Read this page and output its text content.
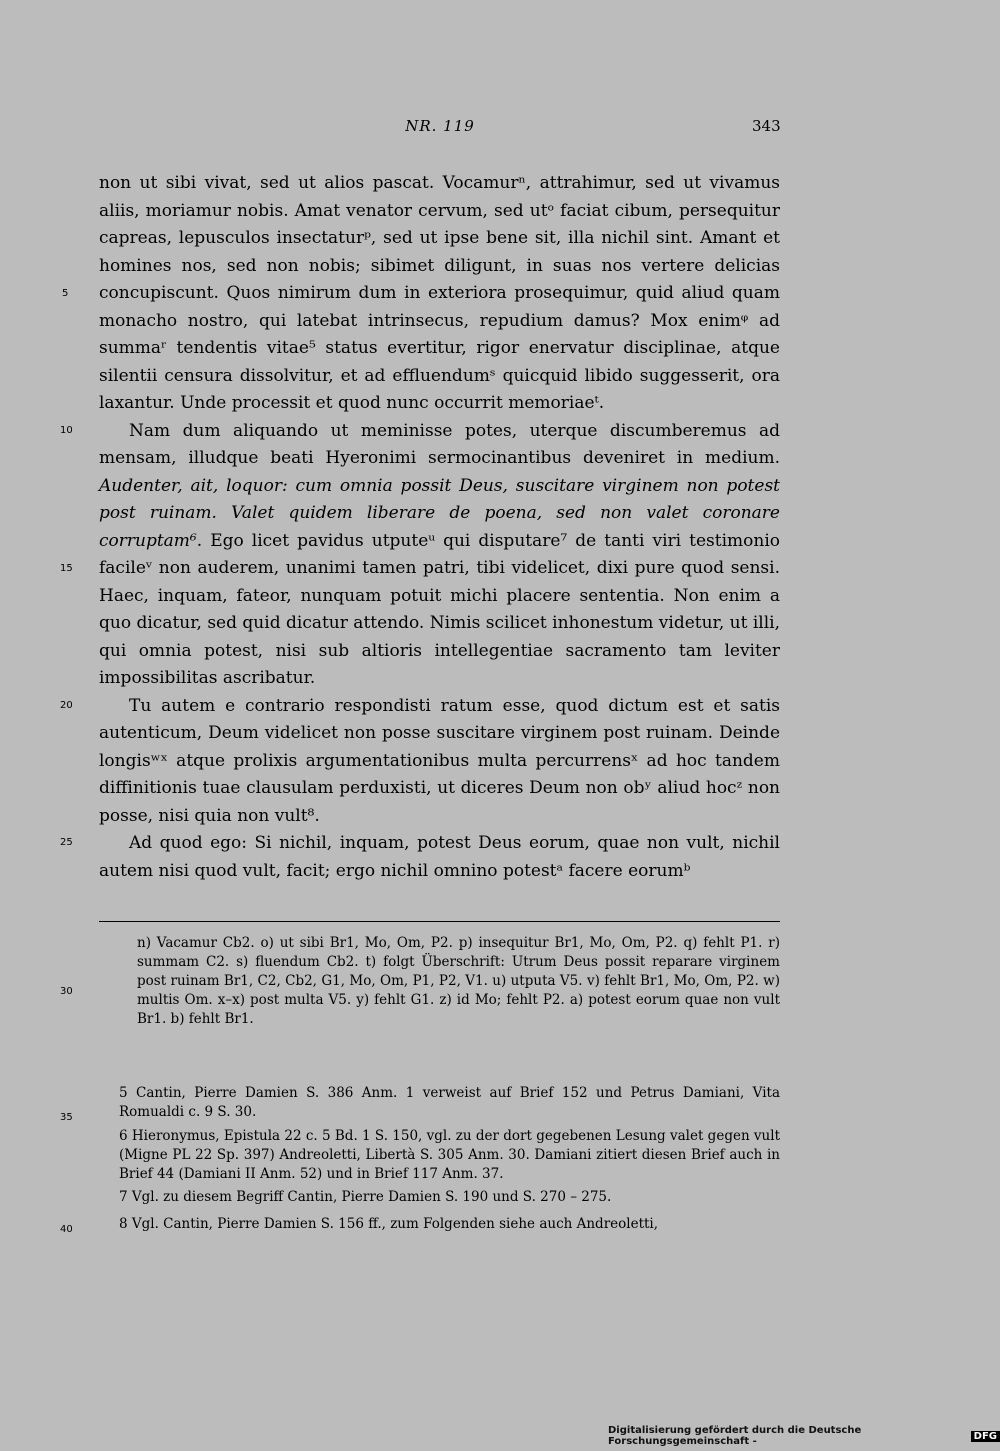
NR. 119	343

non ut sibi vivat, sed ut alios pascat. Vocamurⁿ, attrahimur, sed ut vivamus aliis, moriamur nobis. Amat venator cervum, sed utᵒ faciat cibum, persequitur capreas, lepusculos insectaturᵖ, sed ut ipse bene sit, illa nichil sint. Amant et homines nos, sed non nobis; sibimet diligunt, in suas nos vertere delicias concupiscunt. Quos nimirum dum in exteriora prosequimur, quid aliud quam monacho nostro, qui latebat intrinsecus, repudium damus? Mox enimᵠ ad summaʳ tendentis vitae⁵ status evertitur, rigor enervatur disciplinae, atque silentii censura dissolvitur, et ad effluendumˢ quicquid libido suggesserit, ora laxantur. Unde processit et quod nunc occurrit memoriaeᵗ.

Nam dum aliquando ut meminisse potes, uterque discumberemus ad mensam, illudque beati Hyeronimi sermocinantibus deveniret in medium. Audenter, ait, loquor: cum omnia possit Deus, suscitare virginem non potest post ruinam. Valet quidem liberare de poena, sed non valet coronare corruptam⁶. Ego licet pavidus utputeᵘ qui disputare⁷ de tanti viri testimonio facileᵛ non auderem, unanimi tamen patri, tibi videlicet, dixi pure quod sensi. Haec, inquam, fateor, nunquam potuit michi placere sententia. Non enim a quo dicatur, sed quid dicatur attendo. Nimis scilicet inhonestum videtur, ut illi, qui omnia potest, nisi sub altioris intellegentiae sacramento tam leviter impossibilitas ascribatur.

Tu autem e contrario respondisti ratum esse, quod dictum est et satis autenticum, Deum videlicet non posse suscitare virginem post ruinam. Deinde longisʷˣ atque prolixis argumentationibus multa percurrensˣ ad hoc tandem diffinitionis tuae clausulam perduxisti, ut diceres Deum non obʸ aliud hocᶻ non posse, nisi quia non vult⁸.

Ad quod ego: Si nichil, inquam, potest Deus eorum, quae non vult, nichil autem nisi quod vult, facit; ergo nichil omnino potestᵃ facere eorumᵇ

5
10
15
20
25
30
35
40
n) Vacamur Cb2. o) ut sibi Br1, Mo, Om, P2. p) insequitur Br1, Mo, Om, P2. q) fehlt P1. r) summam C2. s) fluendum Cb2. t) folgt Überschrift: Utrum Deus possit reparare virginem post ruinam Br1, C2, Cb2, G1, Mo, Om, P1, P2, V1. u) utputa V5. v) fehlt Br1, Mo, Om, P2. w) multis Om. x–x) post multa V5. y) fehlt G1. z) id Mo; fehlt P2. a) potest eorum quae non vult Br1. b) fehlt Br1.
5 Cantin, Pierre Damien S. 386 Anm. 1 verweist auf Brief 152 und Petrus Damiani, Vita Romualdi c. 9 S. 30.
6 Hieronymus, Epistula 22 c. 5 Bd. 1 S. 150, vgl. zu der dort gegebenen Lesung valet gegen vult (Migne PL 22 Sp. 397) Andreoletti, Libertà S. 305 Anm. 30. Damiani zitiert diesen Brief auch in Brief 44 (Damiani II Anm. 52) und in Brief 117 Anm. 37.
7 Vgl. zu diesem Begriff Cantin, Pierre Damien S. 190 und S. 270 – 275.
8 Vgl. Cantin, Pierre Damien S. 156 ff., zum Folgenden siehe auch Andreoletti,
Digitalisierung gefördert durch die Deutsche Forschungsgemeinschaft -	DFG
